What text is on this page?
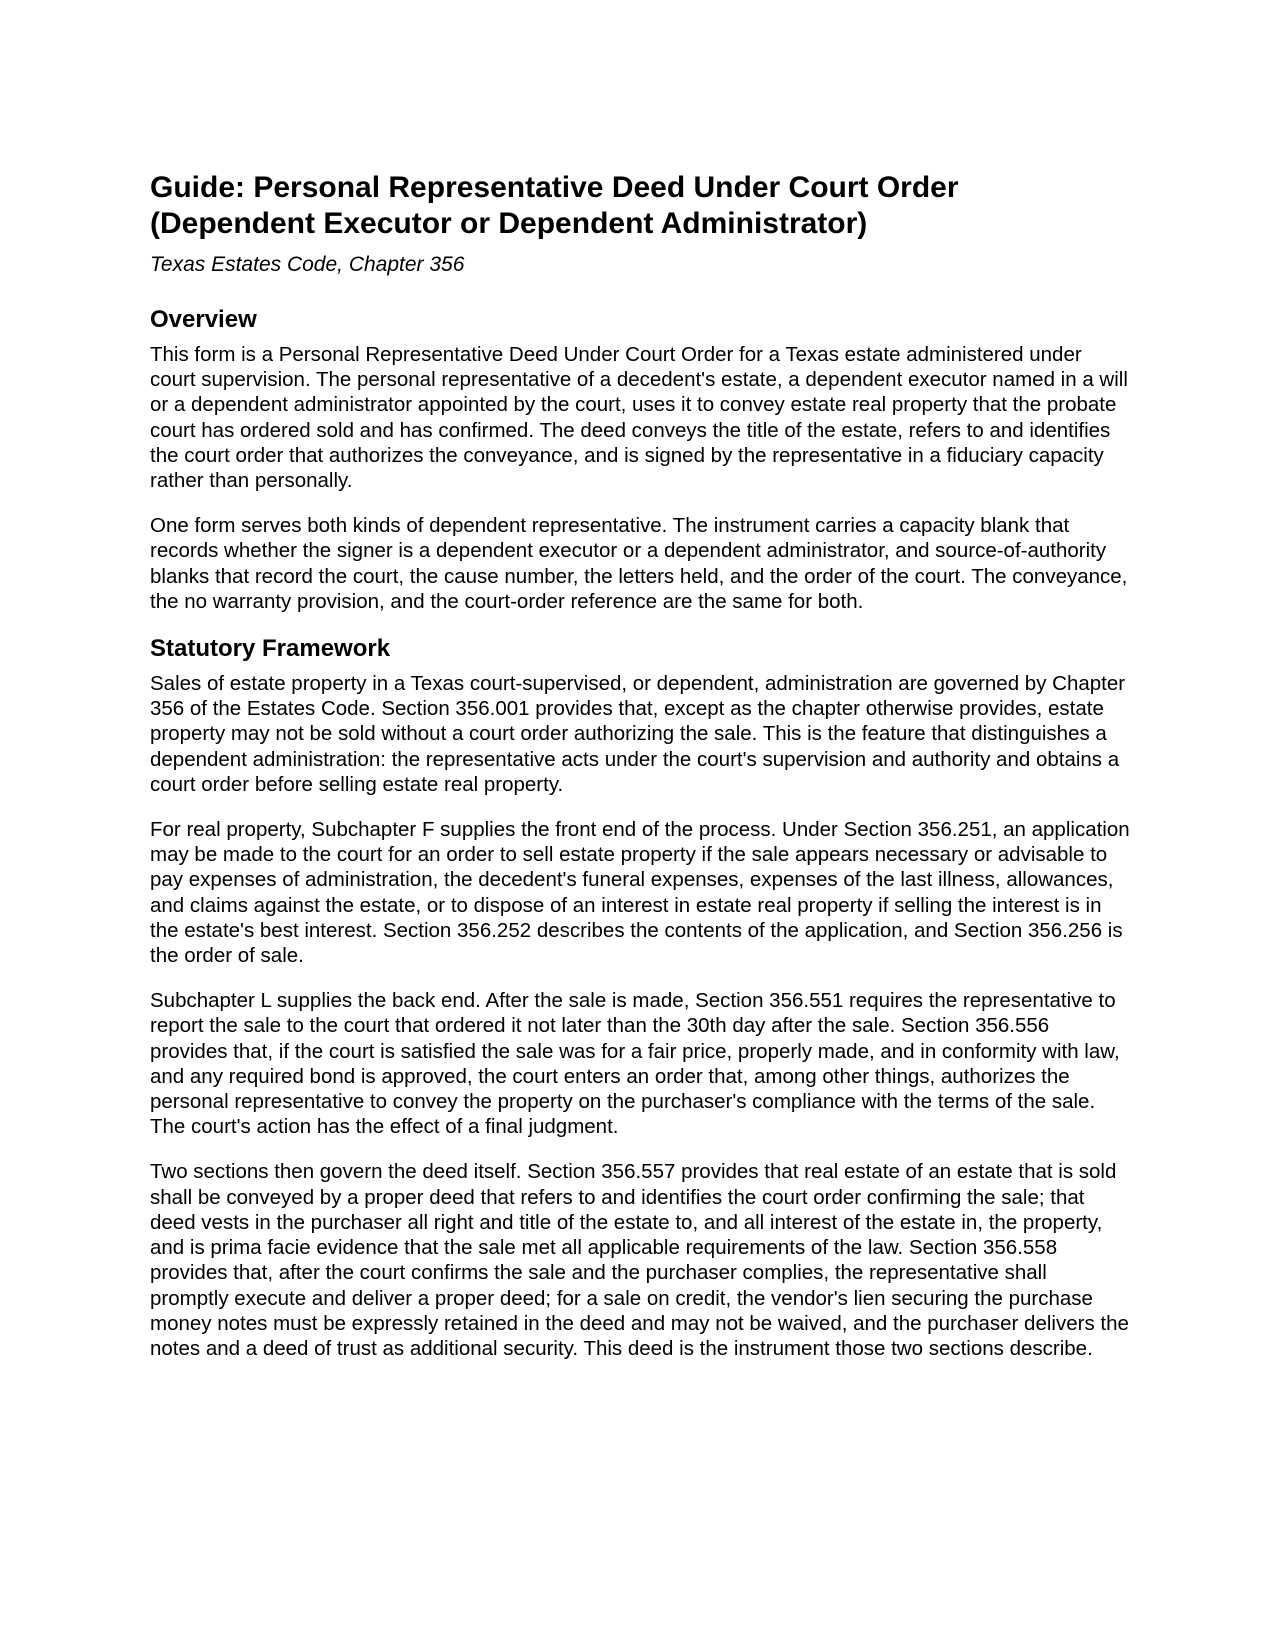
Guide: Personal Representative Deed Under Court Order
(Dependent Executor or Dependent Administrator)

Texas Estates Code, Chapter 356

Overview

This form is a Personal Representative Deed Under Court Order for a Texas estate administered under court supervision. The personal representative of a decedent's estate, a dependent executor named in a will or a dependent administrator appointed by the court, uses it to convey estate real property that the probate court has ordered sold and has confirmed. The deed conveys the title of the estate, refers to and identifies the court order that authorizes the conveyance, and is signed by the representative in a fiduciary capacity rather than personally.

One form serves both kinds of dependent representative. The instrument carries a capacity blank that records whether the signer is a dependent executor or a dependent administrator, and source-of-authority blanks that record the court, the cause number, the letters held, and the order of the court. The conveyance, the no warranty provision, and the court-order reference are the same for both.

Statutory Framework

Sales of estate property in a Texas court-supervised, or dependent, administration are governed by Chapter 356 of the Estates Code. Section 356.001 provides that, except as the chapter otherwise provides, estate property may not be sold without a court order authorizing the sale. This is the feature that distinguishes a dependent administration: the representative acts under the court's supervision and authority and obtains a court order before selling estate real property.

For real property, Subchapter F supplies the front end of the process. Under Section 356.251, an application may be made to the court for an order to sell estate property if the sale appears necessary or advisable to pay expenses of administration, the decedent's funeral expenses, expenses of the last illness, allowances, and claims against the estate, or to dispose of an interest in estate real property if selling the interest is in the estate's best interest. Section 356.252 describes the contents of the application, and Section 356.256 is the order of sale.

Subchapter L supplies the back end. After the sale is made, Section 356.551 requires the representative to report the sale to the court that ordered it not later than the 30th day after the sale. Section 356.556 provides that, if the court is satisfied the sale was for a fair price, properly made, and in conformity with law, and any required bond is approved, the court enters an order that, among other things, authorizes the personal representative to convey the property on the purchaser's compliance with the terms of the sale. The court's action has the effect of a final judgment.

Two sections then govern the deed itself. Section 356.557 provides that real estate of an estate that is sold shall be conveyed by a proper deed that refers to and identifies the court order confirming the sale; that deed vests in the purchaser all right and title of the estate to, and all interest of the estate in, the property, and is prima facie evidence that the sale met all applicable requirements of the law. Section 356.558 provides that, after the court confirms the sale and the purchaser complies, the representative shall promptly execute and deliver a proper deed; for a sale on credit, the vendor's lien securing the purchase money notes must be expressly retained in the deed and may not be waived, and the purchaser delivers the notes and a deed of trust as additional security. This deed is the instrument those two sections describe.
